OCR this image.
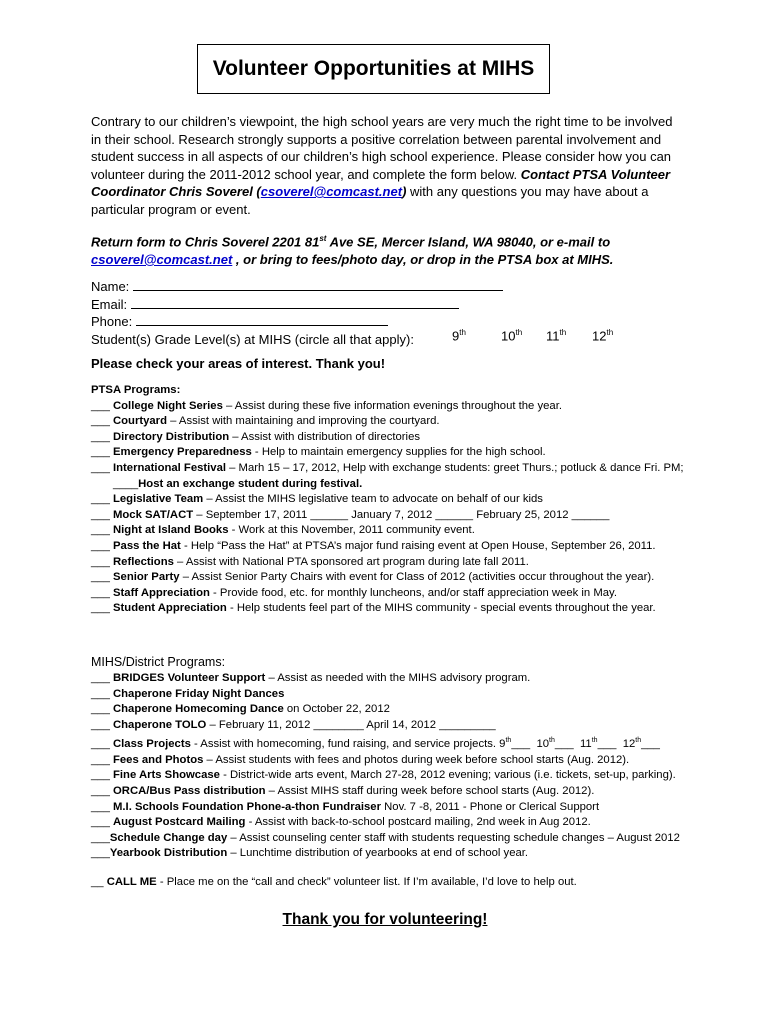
Volunteer Opportunities at MIHS
Contrary to our children’s viewpoint, the high school years are very much the right time to be involved in their school. Research strongly supports a positive correlation between parental involvement and student success in all aspects of our children’s high school experience. Please consider how you can volunteer during the 2011-2012 school year, and complete the form below. Contact PTSA Volunteer Coordinator Chris Soverel (csoverel@comcast.net) with any questions you may have about a particular program or event.
Return form to Chris Soverel 2201 81st Ave SE, Mercer Island, WA 98040, or e-mail to
csoverel@comcast.net , or bring to fees/photo day, or drop in the PTSA box at MIHS.
Name:
Email:
Phone:
Student(s) Grade Level(s) at MIHS (circle all that apply):	9th	10th 11th 12th
Please check your areas of interest. Thank you!
PTSA Programs:
___ College Night Series – Assist during these five information evenings throughout the year.
___ Courtyard – Assist with maintaining and improving the courtyard.
___ Directory Distribution – Assist with distribution of directories
___ Emergency Preparedness - Help to maintain emergency supplies for the high school.
___ International Festival – Marh 15 – 17, 2012, Help with exchange students: greet Thurs.; potluck & dance Fri. PM;
____Host an exchange student during festival.
___ Legislative Team – Assist the MIHS legislative team to advocate on behalf of our kids
___ Mock SAT/ACT – September 17, 2011 ______ January 7, 2012 ______ February 25, 2012 ______
___ Night at Island Books - Work at this November, 2011 community event.
___ Pass the Hat - Help “Pass the Hat” at PTSA’s major fund raising event at Open House, September 26, 2011.
___ Reflections – Assist with National PTA sponsored art program during late fall 2011.
___ Senior Party – Assist Senior Party Chairs with event for Class of 2012 (activities occur throughout the year).
___ Staff Appreciation - Provide food, etc. for monthly luncheons, and/or staff appreciation week in May.
___ Student Appreciation - Help students feel part of the MIHS community - special events throughout the year.
MIHS/District Programs:
___ BRIDGES Volunteer Support – Assist as needed with the MIHS advisory program.
___ Chaperone Friday Night Dances
___ Chaperone Homecoming Dance on October 22, 2012
___ Chaperone TOLO – February 11, 2012 ________ April 14, 2012 _________
___ Class Projects - Assist with homecoming, fund raising, and service projects. 9th___  10th___  11th___  12th___
___ Fees and Photos – Assist students with fees and photos during week before school starts (Aug. 2012).
___ Fine Arts Showcase - District-wide arts event, March 27-28, 2012 evening; various (i.e. tickets, set-up, parking).
___ ORCA/Bus Pass distribution – Assist MIHS staff during week before school starts (Aug. 2012).
___ M.I. Schools Foundation Phone-a-thon Fundraiser Nov. 7 -8, 2011 - Phone or Clerical Support
___ August Postcard Mailing - Assist with back-to-school postcard mailing, 2nd week in Aug 2012.
___Schedule Change day – Assist counseling center staff with students requesting schedule changes – August 2012
___Yearbook Distribution – Lunchtime distribution of yearbooks at end of school year.
__ CALL ME - Place me on the “call and check” volunteer list. If I’m available, I’d love to help out.
Thank you for volunteering!
